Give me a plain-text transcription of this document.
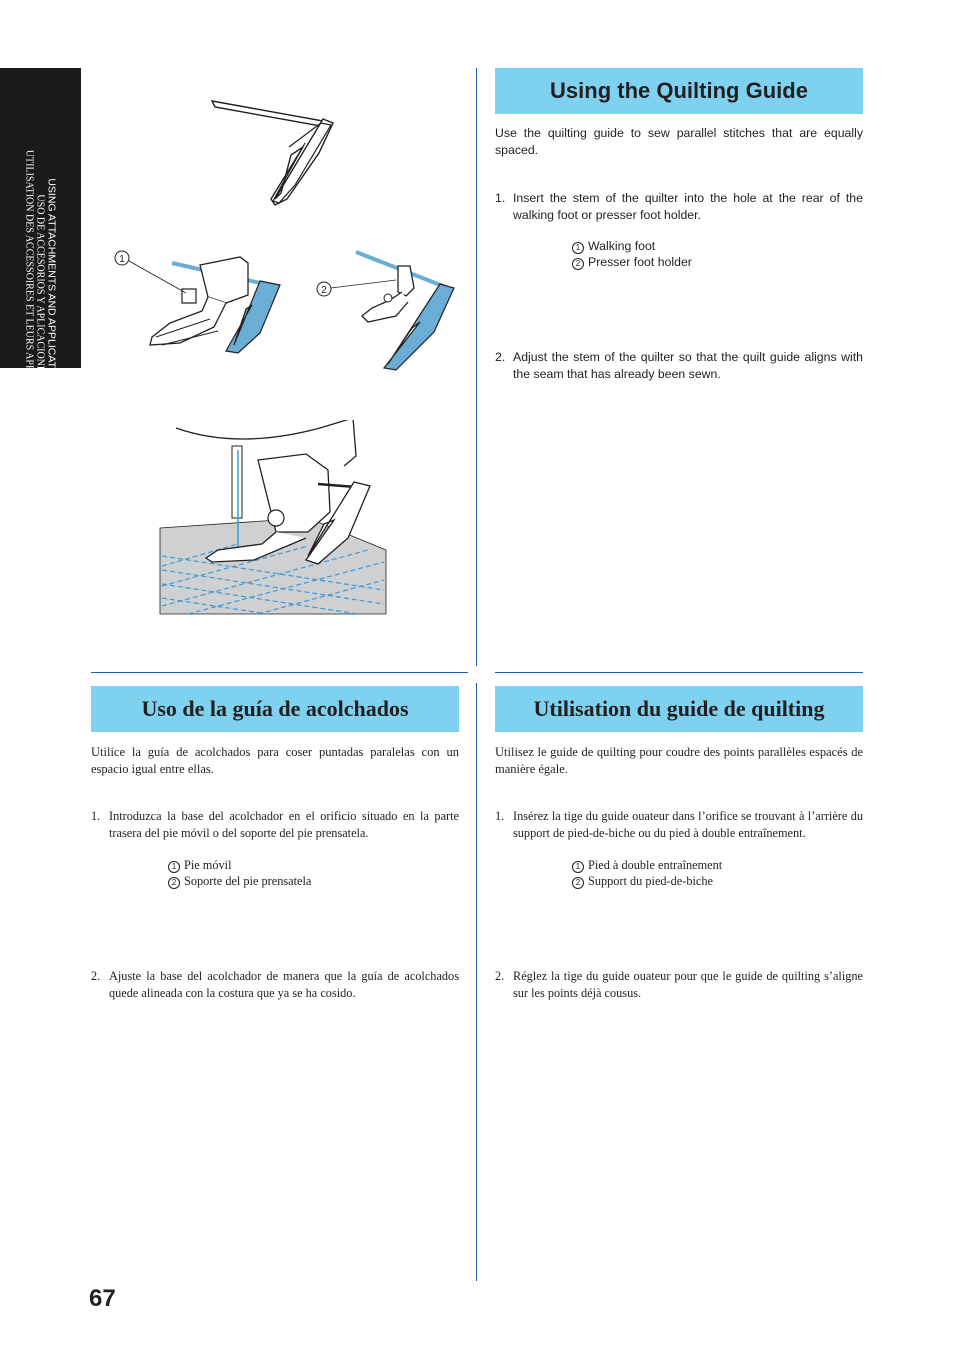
USING ATTACHMENTS AND APPLICATIONS
USO DE ACCESORIOS Y APLICACIONES
UTILISATION DES ACCESSOIRES ET LEURS APPLICATIONS	1
2
Using the Quilting Guide

Use the quilting guide to sew parallel stitches that are equally spaced.

1. Insert the stem of the quilter into the hole at the rear of the walking foot or presser foot holder.
1 Walking foot
2 Presser foot holder
2. Adjust the stem of the quilter so that the quilt guide aligns with the seam that has already been sewn.
Uso de la guía de acolchados

Utilice la guía de acolchados para coser puntadas paralelas con un espacio igual entre ellas.

1. Introduzca la base del acolchador en el orificio situado en la parte trasera del pie móvil o del soporte del pie prensatela.
1 Pie móvil
2 Soporte del pie prensatela
2. Ajuste la base del acolchador de manera que la guía de acolchados quede alineada con la costura que ya se ha cosido.
Utilisation du guide de quilting

Utilisez le guide de quilting pour coudre des points parallèles espacés de manière égale.

1. Insérez la tige du guide ouateur dans l’orifice se trouvant à l’arrière du support de pied-de-biche ou du pied à double entraînement.
1 Pied à double entraînement
2 Support du pied-de-biche
2. Réglez la tige du guide ouateur pour que le guide de quilting s’aligne sur les points déjà cousus.
67
